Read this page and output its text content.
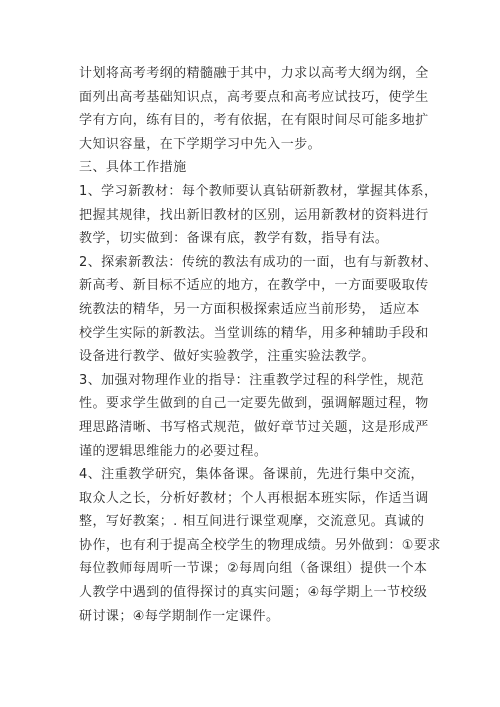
计划将高考考纲的精髓融于其中，力求以高考大纲为纲，全
面列出高考基础知识点，高考要点和高考应试技巧，使学生
学有方向，练有目的，考有依据，在有限时间尽可能多地扩
大知识容量，在下学期学习中先入一步。
三、具体工作措施
1、学习新教材：每个教师要认真钻研新教材，掌握其体系，
把握其规律，找出新旧教材的区别，运用新教材的资料进行
教学，切实做到：备课有底，教学有数，指导有法。
2、探索新教法：传统的教法有成功的一面，也有与新教材、
新高考、新目标不适应的地方，在教学中，一方面要吸取传
统教法的精华，另一方面积极探索适应当前形势， 适应本
校学生实际的新教法。当堂训练的精华，用多种辅助手段和
设备进行教学、做好实验教学，注重实验法教学。
3、加强对物理作业的指导：注重教学过程的科学性，规范
性。要求学生做到的自己一定要先做到，强调解题过程，物
理思路清晰、书写格式规范，做好章节过关题，这是形成严
谨的逻辑思维能力的必要过程。
4、注重教学研究，集体备课。备课前，先进行集中交流，
取众人之长，分析好教材；个人再根据本班实际，作适当调
整，写好教案；. 相互间进行课堂观摩，交流意见。真诚的
协作，也有利于提高全校学生的物理成绩。另外做到：①要求
每位教师每周听一节课；②每周向组（备课组）提供一个本
人教学中遇到的值得探讨的真实问题；④每学期上一节校级
研讨课；④每学期制作一定课件。
